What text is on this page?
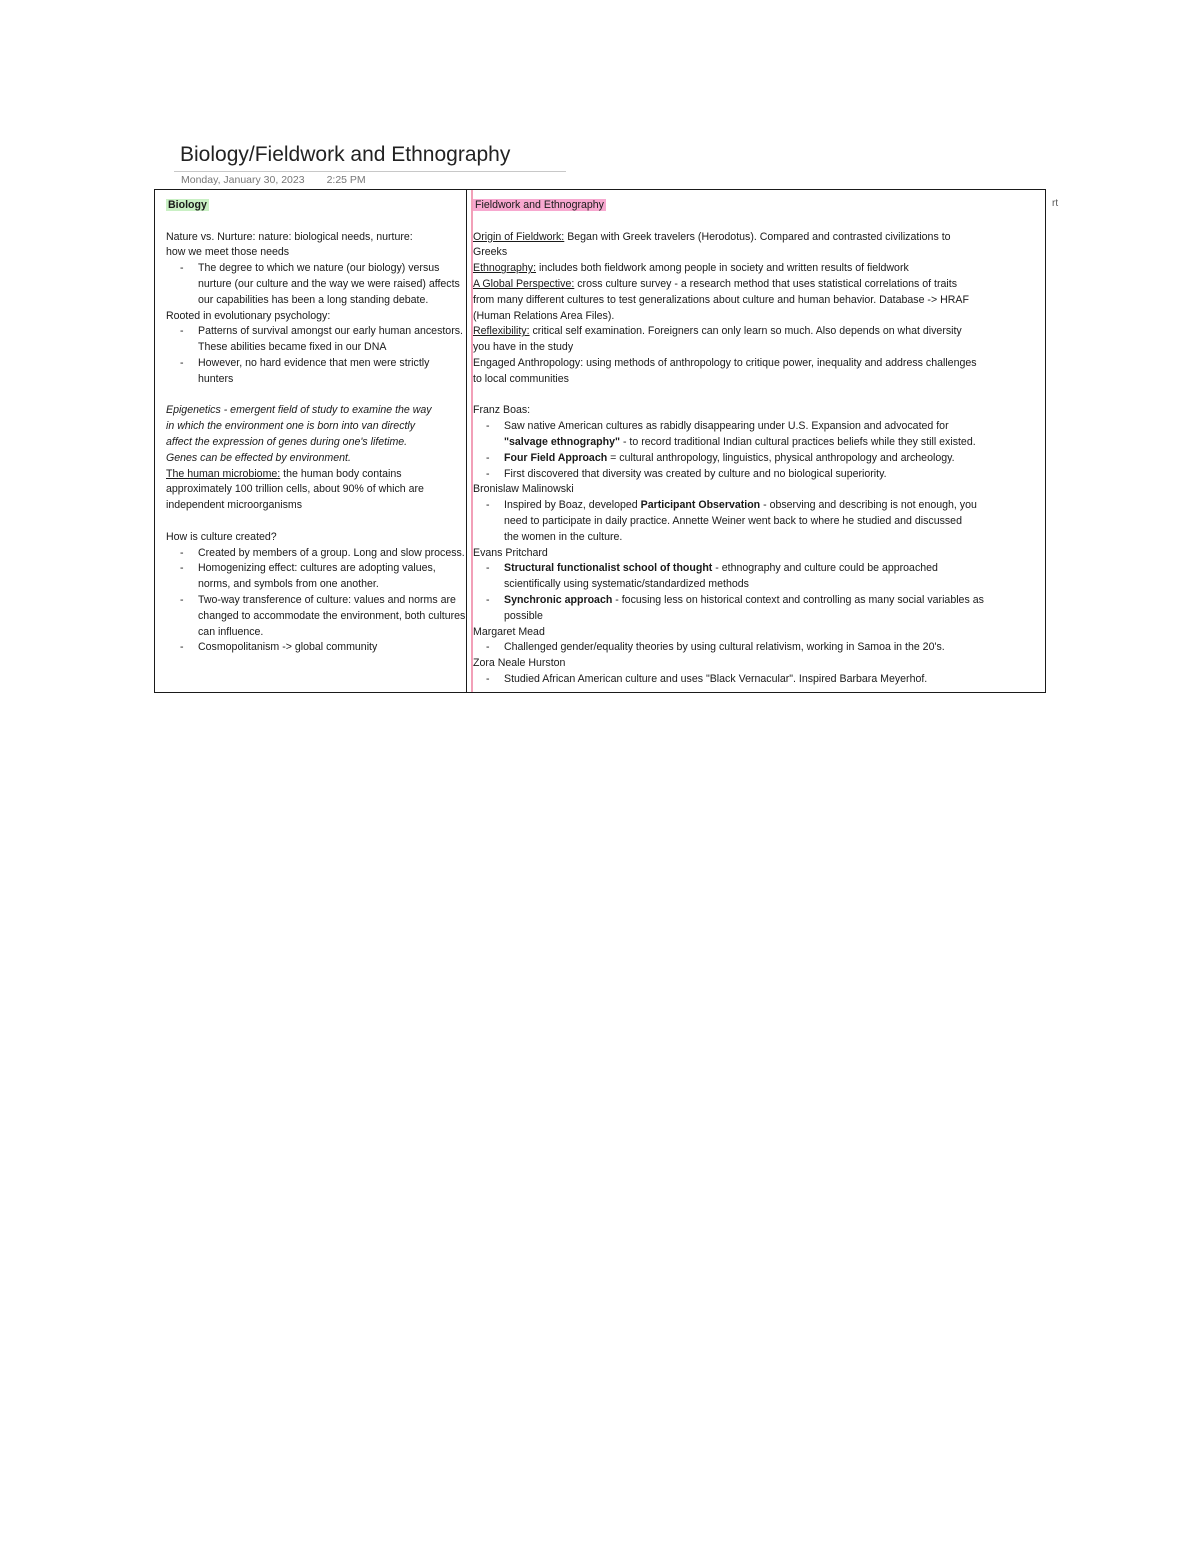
Biology/Fieldwork and Ethnography
Monday, January 30, 2023 2:25 PM
rt
Biology
Nature vs. Nurture: nature: biological needs, nurture:
how we meet those needs
- The degree to which we nature (our biology) versus nurture (our culture and the way we were raised) affects our capabilities has been a long standing debate.
Rooted in evolutionary psychology:
- Patterns of survival amongst our early human ancestors. These abilities became fixed in our DNA
- However, no hard evidence that men were strictly hunters
Epigenetics - emergent field of study to examine the way
in which the environment one is born into van directly
affect the expression of genes during one's lifetime.
Genes can be effected by environment.
The human microbiome: the human body contains
approximately 100 trillion cells, about 90% of which are
independent microorganisms
How is culture created?
- Created by members of a group. Long and slow process.
- Homogenizing effect: cultures are adopting values, norms, and symbols from one another.
- Two-way transference of culture: values and norms are changed to accommodate the environment, both cultures can influence.
- Cosmopolitanism -> global community
Fieldwork and Ethnography
Origin of Fieldwork: Began with Greek travelers (Herodotus). Compared and contrasted civilizations to
Greeks
Ethnography: includes both fieldwork among people in society and written results of fieldwork
A Global Perspective: cross culture survey - a research method that uses statistical correlations of traits
from many different cultures to test generalizations about culture and human behavior. Database -> HRAF
(Human Relations Area Files).
Reflexibility: critical self examination. Foreigners can only learn so much. Also depends on what diversity
you have in the study
Engaged Anthropology: using methods of anthropology to critique power, inequality and address challenges
to local communities
Franz Boas:
- Saw native American cultures as rabidly disappearing under U.S. Expansion and advocated for
"salvage ethnography" - to record traditional Indian cultural practices beliefs while they still existed.
- Four Field Approach = cultural anthropology, linguistics, physical anthropology and archeology.
- First discovered that diversity was created by culture and no biological superiority.
Bronislaw Malinowski
- Inspired by Boaz, developed Participant Observation - observing and describing is not enough, you
need to participate in daily practice. Annette Weiner went back to where he studied and discussed
the women in the culture.
Evans Pritchard
- Structural functionalist school of thought - ethnography and culture could be approached
scientifically using systematic/standardized methods
- Synchronic approach - focusing less on historical context and controlling as many social variables as
possible
Margaret Mead
- Challenged gender/equality theories by using cultural relativism, working in Samoa in the 20's.
Zora Neale Hurston
- Studied African American culture and uses "Black Vernacular". Inspired Barbara Meyerhof.
